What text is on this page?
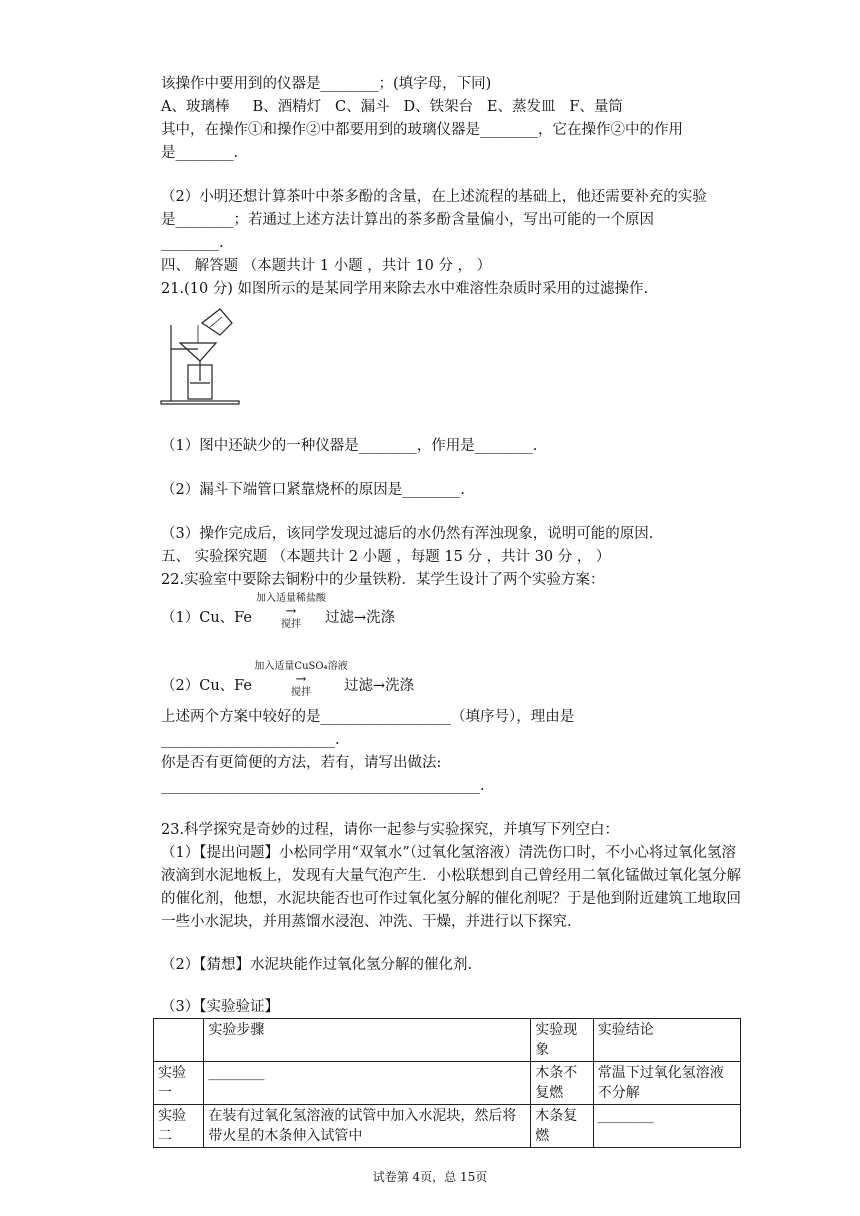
该操作中要用到的仪器是________；(填字母，下同)
A、玻璃棒 B、酒精灯 C、漏斗 D、铁架台 E、蒸发皿 F、量筒
其中，在操作①和操作②中都要用到的玻璃仪器是________，它在操作②中的作用
是________.
（2）小明还想计算茶叶中茶多酚的含量，在上述流程的基础上，他还需要补充的实验
是________；若通过上述方法计算出的茶多酚含量偏小，写出可能的一个原因
________.
四、 解答题 （本题共计 1 小题 ，共计 10 分 ， ）
21.(10 分) 如图所示的是某同学用来除去水中难溶性杂质时采用的过滤操作.
（1）图中还缺少的一种仪器是________，作用是________.
（2）漏斗下端管口紧靠烧杯的原因是________.
（3）操作完成后，该同学发现过滤后的水仍然有浑浊现象，说明可能的原因.
五、 实验探究题 （本题共计 2 小题 ，每题 15 分 ，共计 30 分 ， ）
22.实验室中要除去铜粉中的少量铁粉．某学生设计了两个实验方案：
（1）Cu、Fe
加入适量稀盐酸
→
搅拌	过滤→洗涤
（2）Cu、Fe
加入适量CuSO₄溶液
→
搅拌	过滤→洗涤
上述两个方案中较好的是__________________（填序号），理由是
________________________.
你是否有更简便的方法，若有，请写出做法:
____________________________________________.
23.科学探究是奇妙的过程，请你一起参与实验探究，并填写下列空白：
（1）【提出问题】小松同学用“双氧水”（过氧化氢溶液）清洗伤口时，不小心将过氧化氢溶液滴到水泥地板上，发现有大量气泡产生．小松联想到自己曾经用二氧化锰做过氧化氢分解的催化剂，他想，水泥块能否也可作过氧化氢分解的催化剂呢？于是他到附近建筑工地取回一些小水泥块，并用蒸馏水浸泡、冲洗、干燥，并进行以下探究．
（2）【猜想】水泥块能作过氧化氢分解的催化剂.
（3）【实验验证】
	实验步骤	实验现象	实验结论
实验一	________	木条不复燃	常温下过氧化氢溶液不分解
实验二	在装有过氧化氢溶液的试管中加入水泥块，然后将带火星的木条伸入试管中	木条复燃	________
试卷第 4页，总 15页
